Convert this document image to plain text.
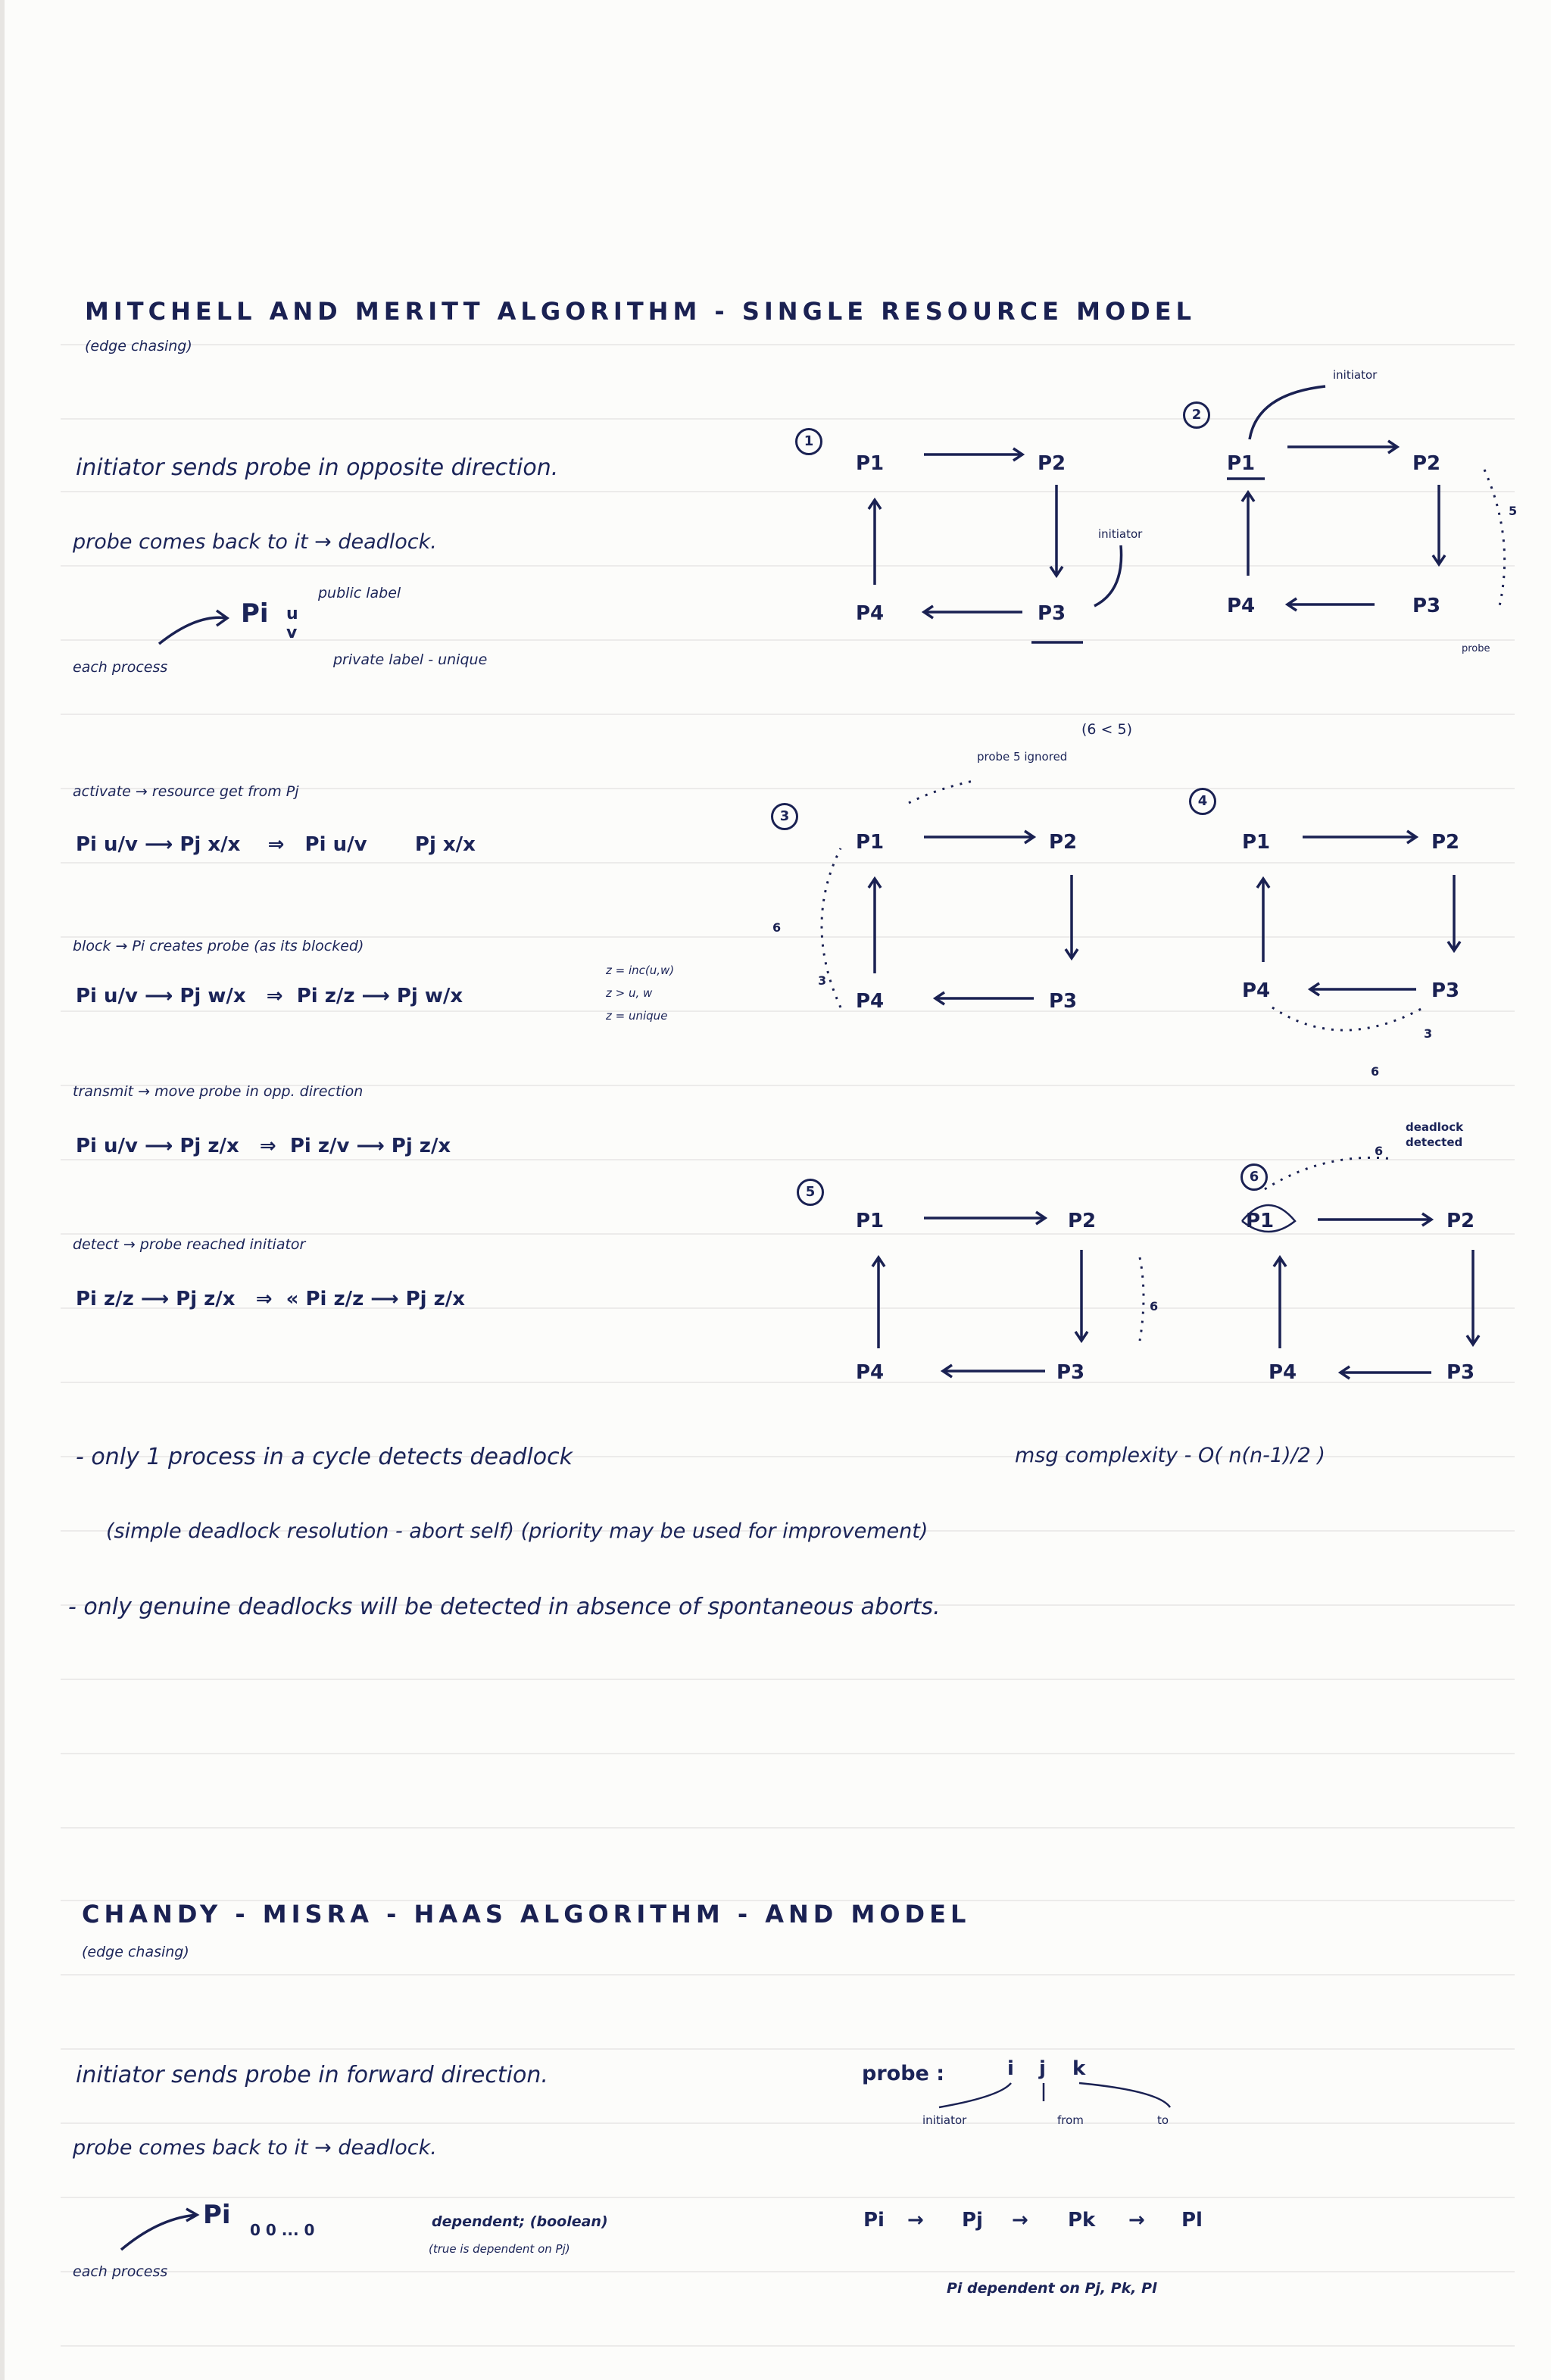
MITCHELL AND MERITT ALGORITHM - SINGLE RESOURCE MODEL
(edge chasing)
initiator sends probe in opposite direction.
probe comes back to it → deadlock.
each process
Pi u
v
public label
private label - unique
activate → resource get from Pj
Pi u/v ⟶ Pj x/x    ⇒   Pi u/v       Pj x/x
block → Pi creates probe (as its blocked)
Pi u/v ⟶ Pj w/x   ⇒  Pi z/z ⟶ Pj w/x
z = inc(u,w)
z > u, w
z = unique
transmit → move probe in opp. direction
Pi u/v ⟶ Pj z/x   ⇒  Pi z/v ⟶ Pj z/x
detect → probe reached initiator
Pi z/z ⟶ Pj z/x   ⇒  « Pi z/z ⟶ Pj z/x
- only 1 process in a cycle detects deadlock	msg complexity - O( n(n-1)/2 )
(simple deadlock resolution - abort self) (priority may be used for improvement)
- only genuine deadlocks will be detected in absence of spontaneous aborts.
1
P1	P2
P3
P4
initiator
2
P1	P2
P3
P4
initiator
5
probe
3
P1	P2
P3
P4
6
3
probe 5 ignored
(6 < 5)
4
P1	P2
P3
P4
3
6
5
P1	P2
P3
P4
6
6
P1	P2
P3
P4
6
deadlock detected
CHANDY - MISRA - HAAS ALGORITHM - AND MODEL
(edge chasing)
initiator sends probe in forward direction.
probe comes back to it → deadlock.
probe :	i j k
initiator	from	to
Pi 0 0 ... 0
each process
dependent; (boolean)
(true is dependent on Pj)
Pi → Pj → Pk → Pl
Pi dependent on Pj, Pk, Pl
